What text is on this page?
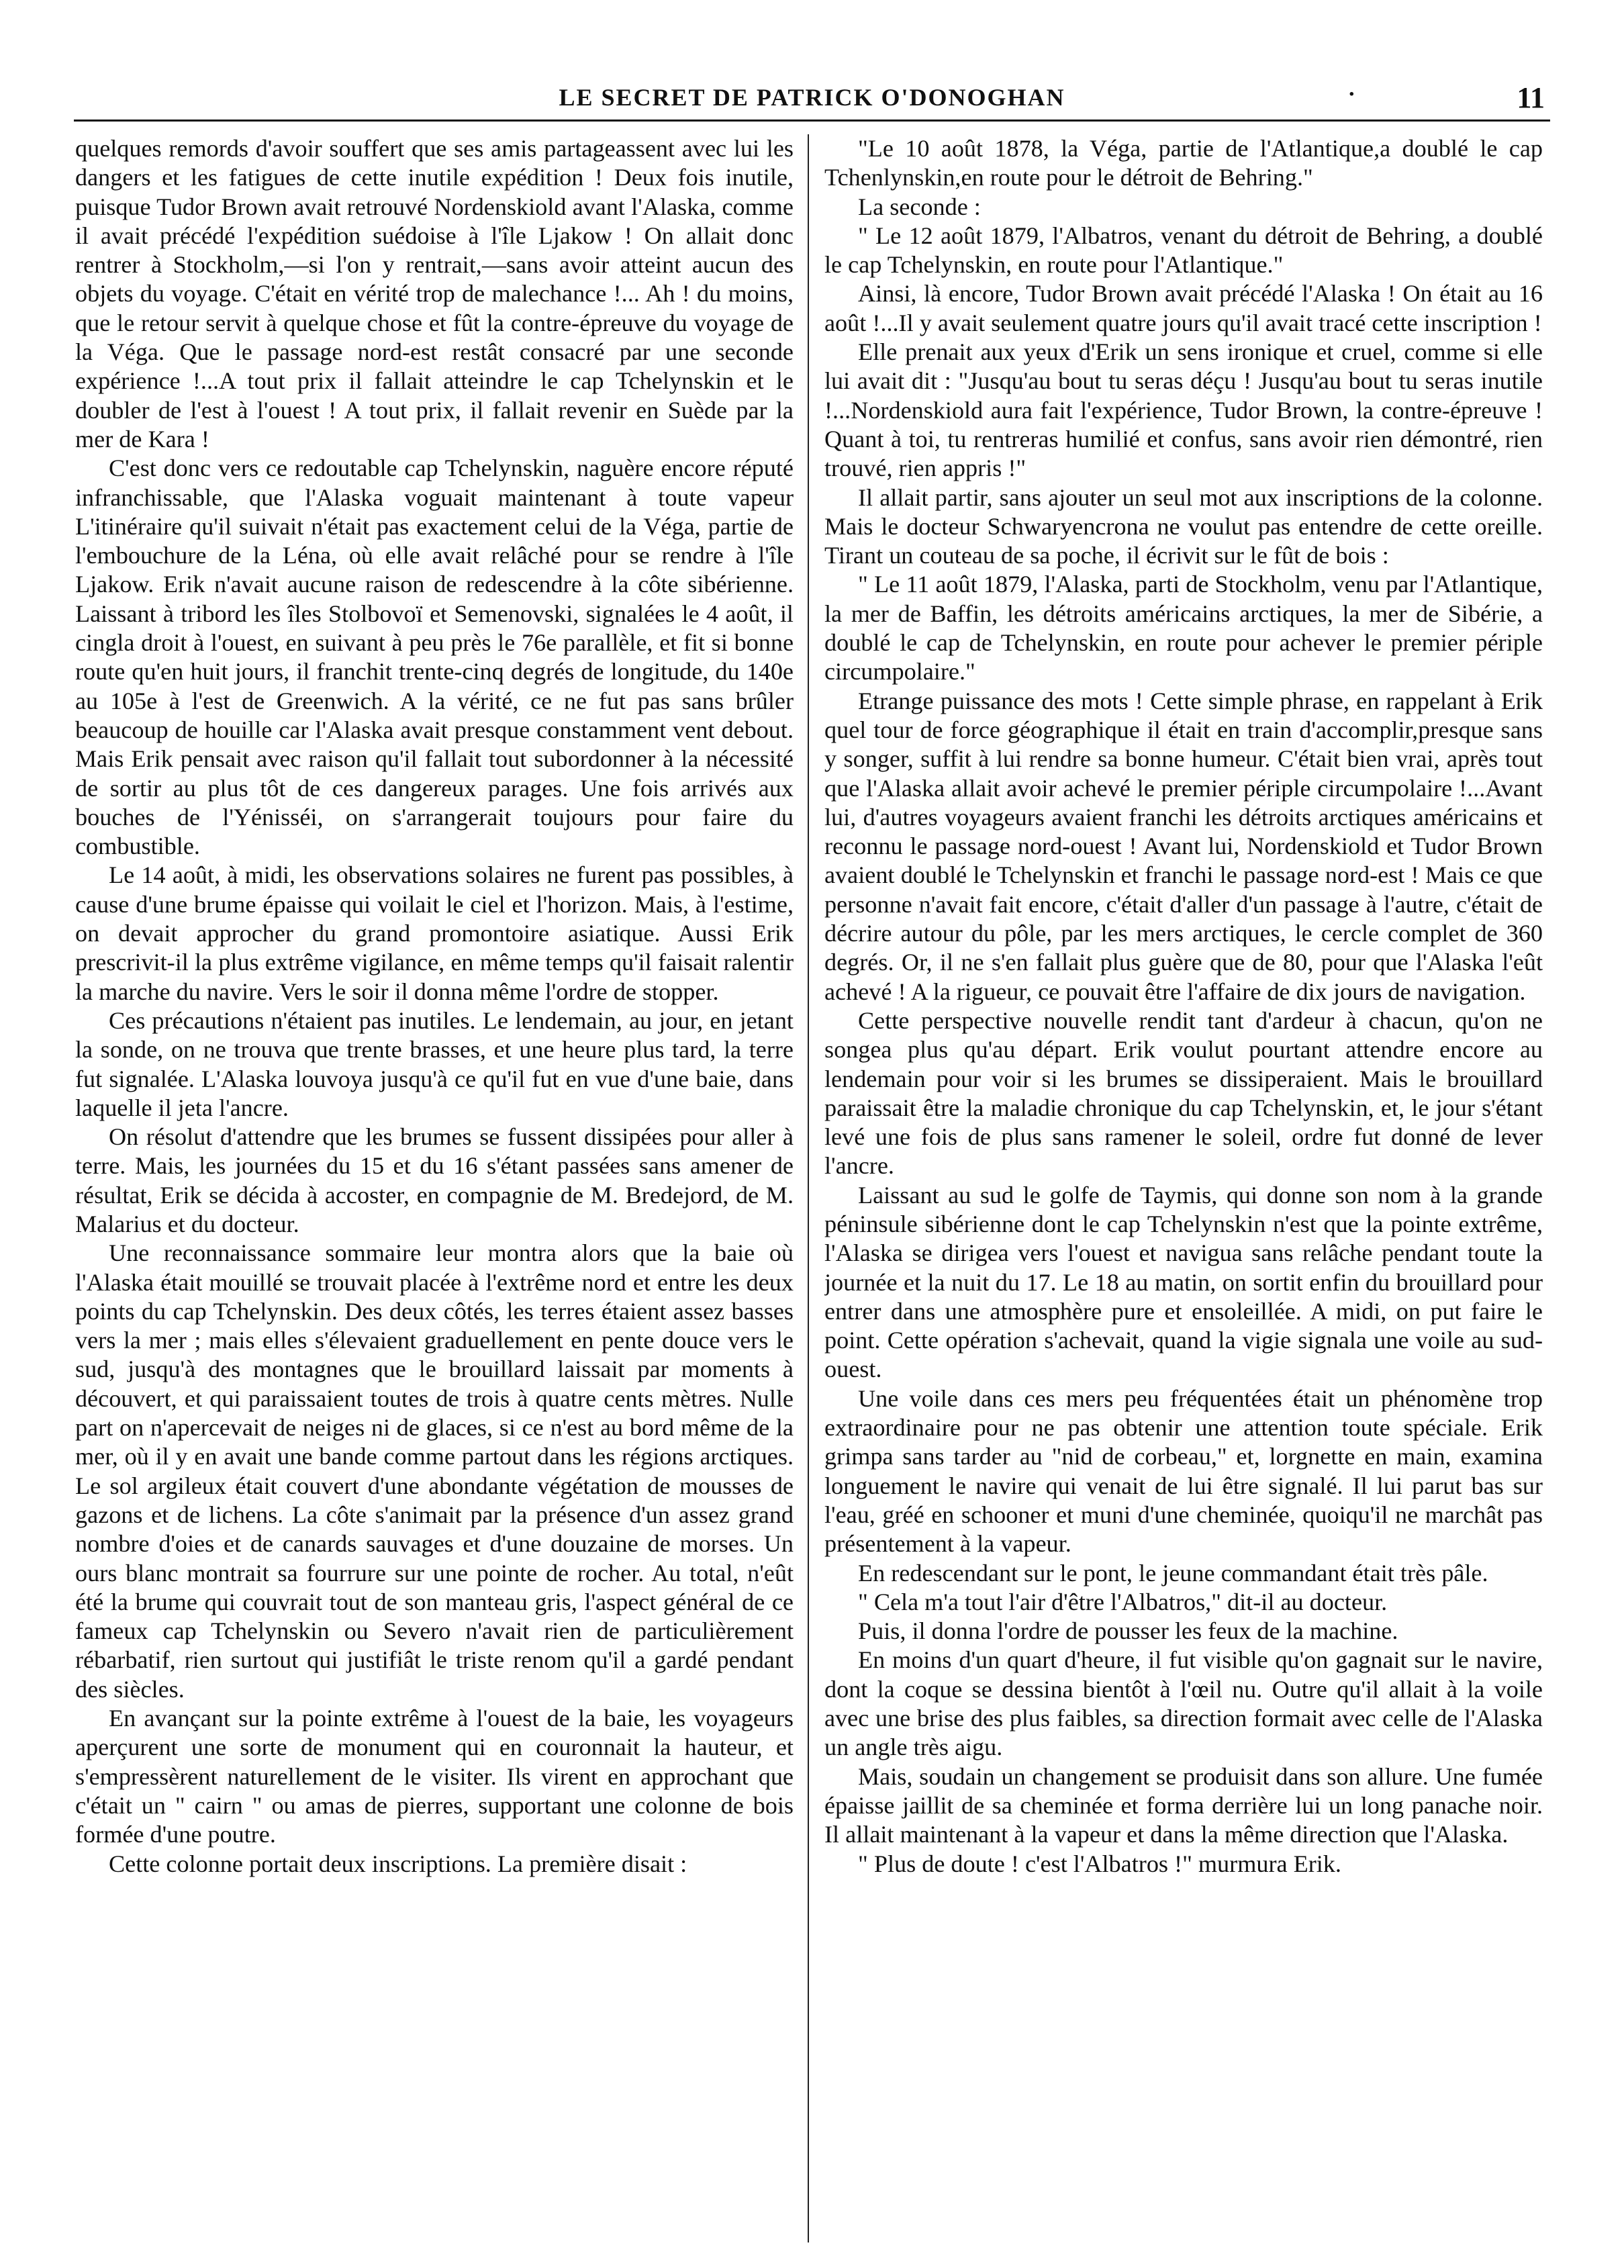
LE SECRET DE PATRICK O'DONOGHAN	·	11

quelques remords d'avoir souffert que ses amis partageassent avec lui les dangers et les fatigues de cette inutile expédition ! Deux fois inutile, puisque Tudor Brown avait retrouvé Nordenskiold avant l'Alaska, comme il avait précédé l'expédition suédoise à l'île Ljakow ! On allait donc rentrer à Stockholm,—si l'on y rentrait,—sans avoir atteint aucun des objets du voyage. C'était en vérité trop de malechance !... Ah ! du moins, que le retour servit à quelque chose et fût la contre-épreuve du voyage de la Véga. Que le passage nord-est restât consacré par une seconde expérience !...A tout prix il fallait atteindre le cap Tchelynskin et le doubler de l'est à l'ouest ! A tout prix, il fallait revenir en Suède par la mer de Kara !

C'est donc vers ce redoutable cap Tchelynskin, naguère encore réputé infranchissable, que l'Alaska voguait maintenant à toute vapeur L'itinéraire qu'il suivait n'était pas exactement celui de la Véga, partie de l'embouchure de la Léna, où elle avait relâché pour se rendre à l'île Ljakow. Erik n'avait aucune raison de redescendre à la côte sibérienne. Laissant à tribord les îles Stolbovoï et Semenovski, signalées le 4 août, il cingla droit à l'ouest, en suivant à peu près le 76e parallèle, et fit si bonne route qu'en huit jours, il franchit trente-cinq degrés de longitude, du 140e au 105e à l'est de Greenwich. A la vérité, ce ne fut pas sans brûler beaucoup de houille car l'Alaska avait presque constamment vent debout. Mais Erik pensait avec raison qu'il fallait tout subordonner à la nécessité de sortir au plus tôt de ces dangereux parages. Une fois arrivés aux bouches de l'Yénisséi, on s'arrangerait toujours pour faire du combustible.

Le 14 août, à midi, les observations solaires ne furent pas possibles, à cause d'une brume épaisse qui voilait le ciel et l'horizon. Mais, à l'estime, on devait approcher du grand promontoire asiatique. Aussi Erik prescrivit-il la plus extrême vigilance, en même temps qu'il faisait ralentir la marche du navire. Vers le soir il donna même l'ordre de stopper.

Ces précautions n'étaient pas inutiles. Le lendemain, au jour, en jetant la sonde, on ne trouva que trente brasses, et une heure plus tard, la terre fut signalée. L'Alaska louvoya jusqu'à ce qu'il fut en vue d'une baie, dans laquelle il jeta l'ancre.

On résolut d'attendre que les brumes se fussent dissipées pour aller à terre. Mais, les journées du 15 et du 16 s'étant passées sans amener de résultat, Erik se décida à accoster, en compagnie de M. Bredejord, de M. Malarius et du docteur.

Une reconnaissance sommaire leur montra alors que la baie où l'Alaska était mouillé se trouvait placée à l'extrême nord et entre les deux points du cap Tchelynskin. Des deux côtés, les terres étaient assez basses vers la mer ; mais elles s'élevaient graduellement en pente douce vers le sud, jusqu'à des montagnes que le brouillard laissait par moments à découvert, et qui paraissaient toutes de trois à quatre cents mètres. Nulle part on n'apercevait de neiges ni de glaces, si ce n'est au bord même de la mer, où il y en avait une bande comme partout dans les régions arctiques. Le sol argileux était couvert d'une abondante végétation de mousses de gazons et de lichens. La côte s'animait par la présence d'un assez grand nombre d'oies et de canards sauvages et d'une douzaine de morses. Un ours blanc montrait sa fourrure sur une pointe de rocher. Au total, n'eût été la brume qui couvrait tout de son manteau gris, l'aspect général de ce fameux cap Tchelynskin ou Severo n'avait rien de particulièrement rébarbatif, rien surtout qui justifiât le triste renom qu'il a gardé pendant des siècles.

En avançant sur la pointe extrême à l'ouest de la baie, les voyageurs aperçurent une sorte de monument qui en couronnait la hauteur, et s'empressèrent naturellement de le visiter. Ils virent en approchant que c'était un " cairn " ou amas de pierres, supportant une colonne de bois formée d'une poutre.

Cette colonne portait deux inscriptions. La première disait :

"Le 10 août 1878, la Véga, partie de l'Atlantique,a doublé le cap Tchenlynskin,en route pour le détroit de Behring."

La seconde :

" Le 12 août 1879, l'Albatros, venant du détroit de Behring, a doublé le cap Tchelynskin, en route pour l'Atlantique."

Ainsi, là encore, Tudor Brown avait précédé l'Alaska ! On était au 16 août !...Il y avait seulement quatre jours qu'il avait tracé cette inscription !

Elle prenait aux yeux d'Erik un sens ironique et cruel, comme si elle lui avait dit : "Jusqu'au bout tu seras déçu ! Jusqu'au bout tu seras inutile !...Nordenskiold aura fait l'expérience, Tudor Brown, la contre-épreuve ! Quant à toi, tu rentreras humilié et confus, sans avoir rien démontré, rien trouvé, rien appris !"

Il allait partir, sans ajouter un seul mot aux inscriptions de la colonne. Mais le docteur Schwaryencrona ne voulut pas entendre de cette oreille. Tirant un couteau de sa poche, il écrivit sur le fût de bois :

" Le 11 août 1879, l'Alaska, parti de Stockholm, venu par l'Atlantique, la mer de Baffin, les détroits américains arctiques, la mer de Sibérie, a doublé le cap de Tchelynskin, en route pour achever le premier périple circumpolaire."

Etrange puissance des mots ! Cette simple phrase, en rappelant à Erik quel tour de force géographique il était en train d'accomplir,presque sans y songer, suffit à lui rendre sa bonne humeur. C'était bien vrai, après tout que l'Alaska allait avoir achevé le premier périple circumpolaire !...Avant lui, d'autres voyageurs avaient franchi les détroits arctiques américains et reconnu le passage nord-ouest ! Avant lui, Nordenskiold et Tudor Brown avaient doublé le Tchelynskin et franchi le passage nord-est ! Mais ce que personne n'avait fait encore, c'était d'aller d'un passage à l'autre, c'était de décrire autour du pôle, par les mers arctiques, le cercle complet de 360 degrés. Or, il ne s'en fallait plus guère que de 80, pour que l'Alaska l'eût achevé ! A la rigueur, ce pouvait être l'affaire de dix jours de navigation.

Cette perspective nouvelle rendit tant d'ardeur à chacun, qu'on ne songea plus qu'au départ. Erik voulut pourtant attendre encore au lendemain pour voir si les brumes se dissiperaient. Mais le brouillard paraissait être la maladie chronique du cap Tchelynskin, et, le jour s'étant levé une fois de plus sans ramener le soleil, ordre fut donné de lever l'ancre.

Laissant au sud le golfe de Taymis, qui donne son nom à la grande péninsule sibérienne dont le cap Tchelynskin n'est que la pointe extrême, l'Alaska se dirigea vers l'ouest et navigua sans relâche pendant toute la journée et la nuit du 17. Le 18 au matin, on sortit enfin du brouillard pour entrer dans une atmosphère pure et ensoleillée. A midi, on put faire le point. Cette opération s'achevait, quand la vigie signala une voile au sud-ouest.

Une voile dans ces mers peu fréquentées était un phénomène trop extraordinaire pour ne pas obtenir une attention toute spéciale. Erik grimpa sans tarder au "nid de corbeau," et, lorgnette en main, examina longuement le navire qui venait de lui être signalé. Il lui parut bas sur l'eau, gréé en schooner et muni d'une cheminée, quoiqu'il ne marchât pas présentement à la vapeur.

En redescendant sur le pont, le jeune commandant était très pâle.

" Cela m'a tout l'air d'être l'Albatros," dit-il au docteur.

Puis, il donna l'ordre de pousser les feux de la machine.

En moins d'un quart d'heure, il fut visible qu'on gagnait sur le navire, dont la coque se dessina bientôt à l'œil nu. Outre qu'il allait à la voile avec une brise des plus faibles, sa direction formait avec celle de l'Alaska un angle très aigu.

Mais, soudain un changement se produisit dans son allure. Une fumée épaisse jaillit de sa cheminée et forma derrière lui un long panache noir. Il allait maintenant à la vapeur et dans la même direction que l'Alaska.

" Plus de doute ! c'est l'Albatros !" murmura Erik.
